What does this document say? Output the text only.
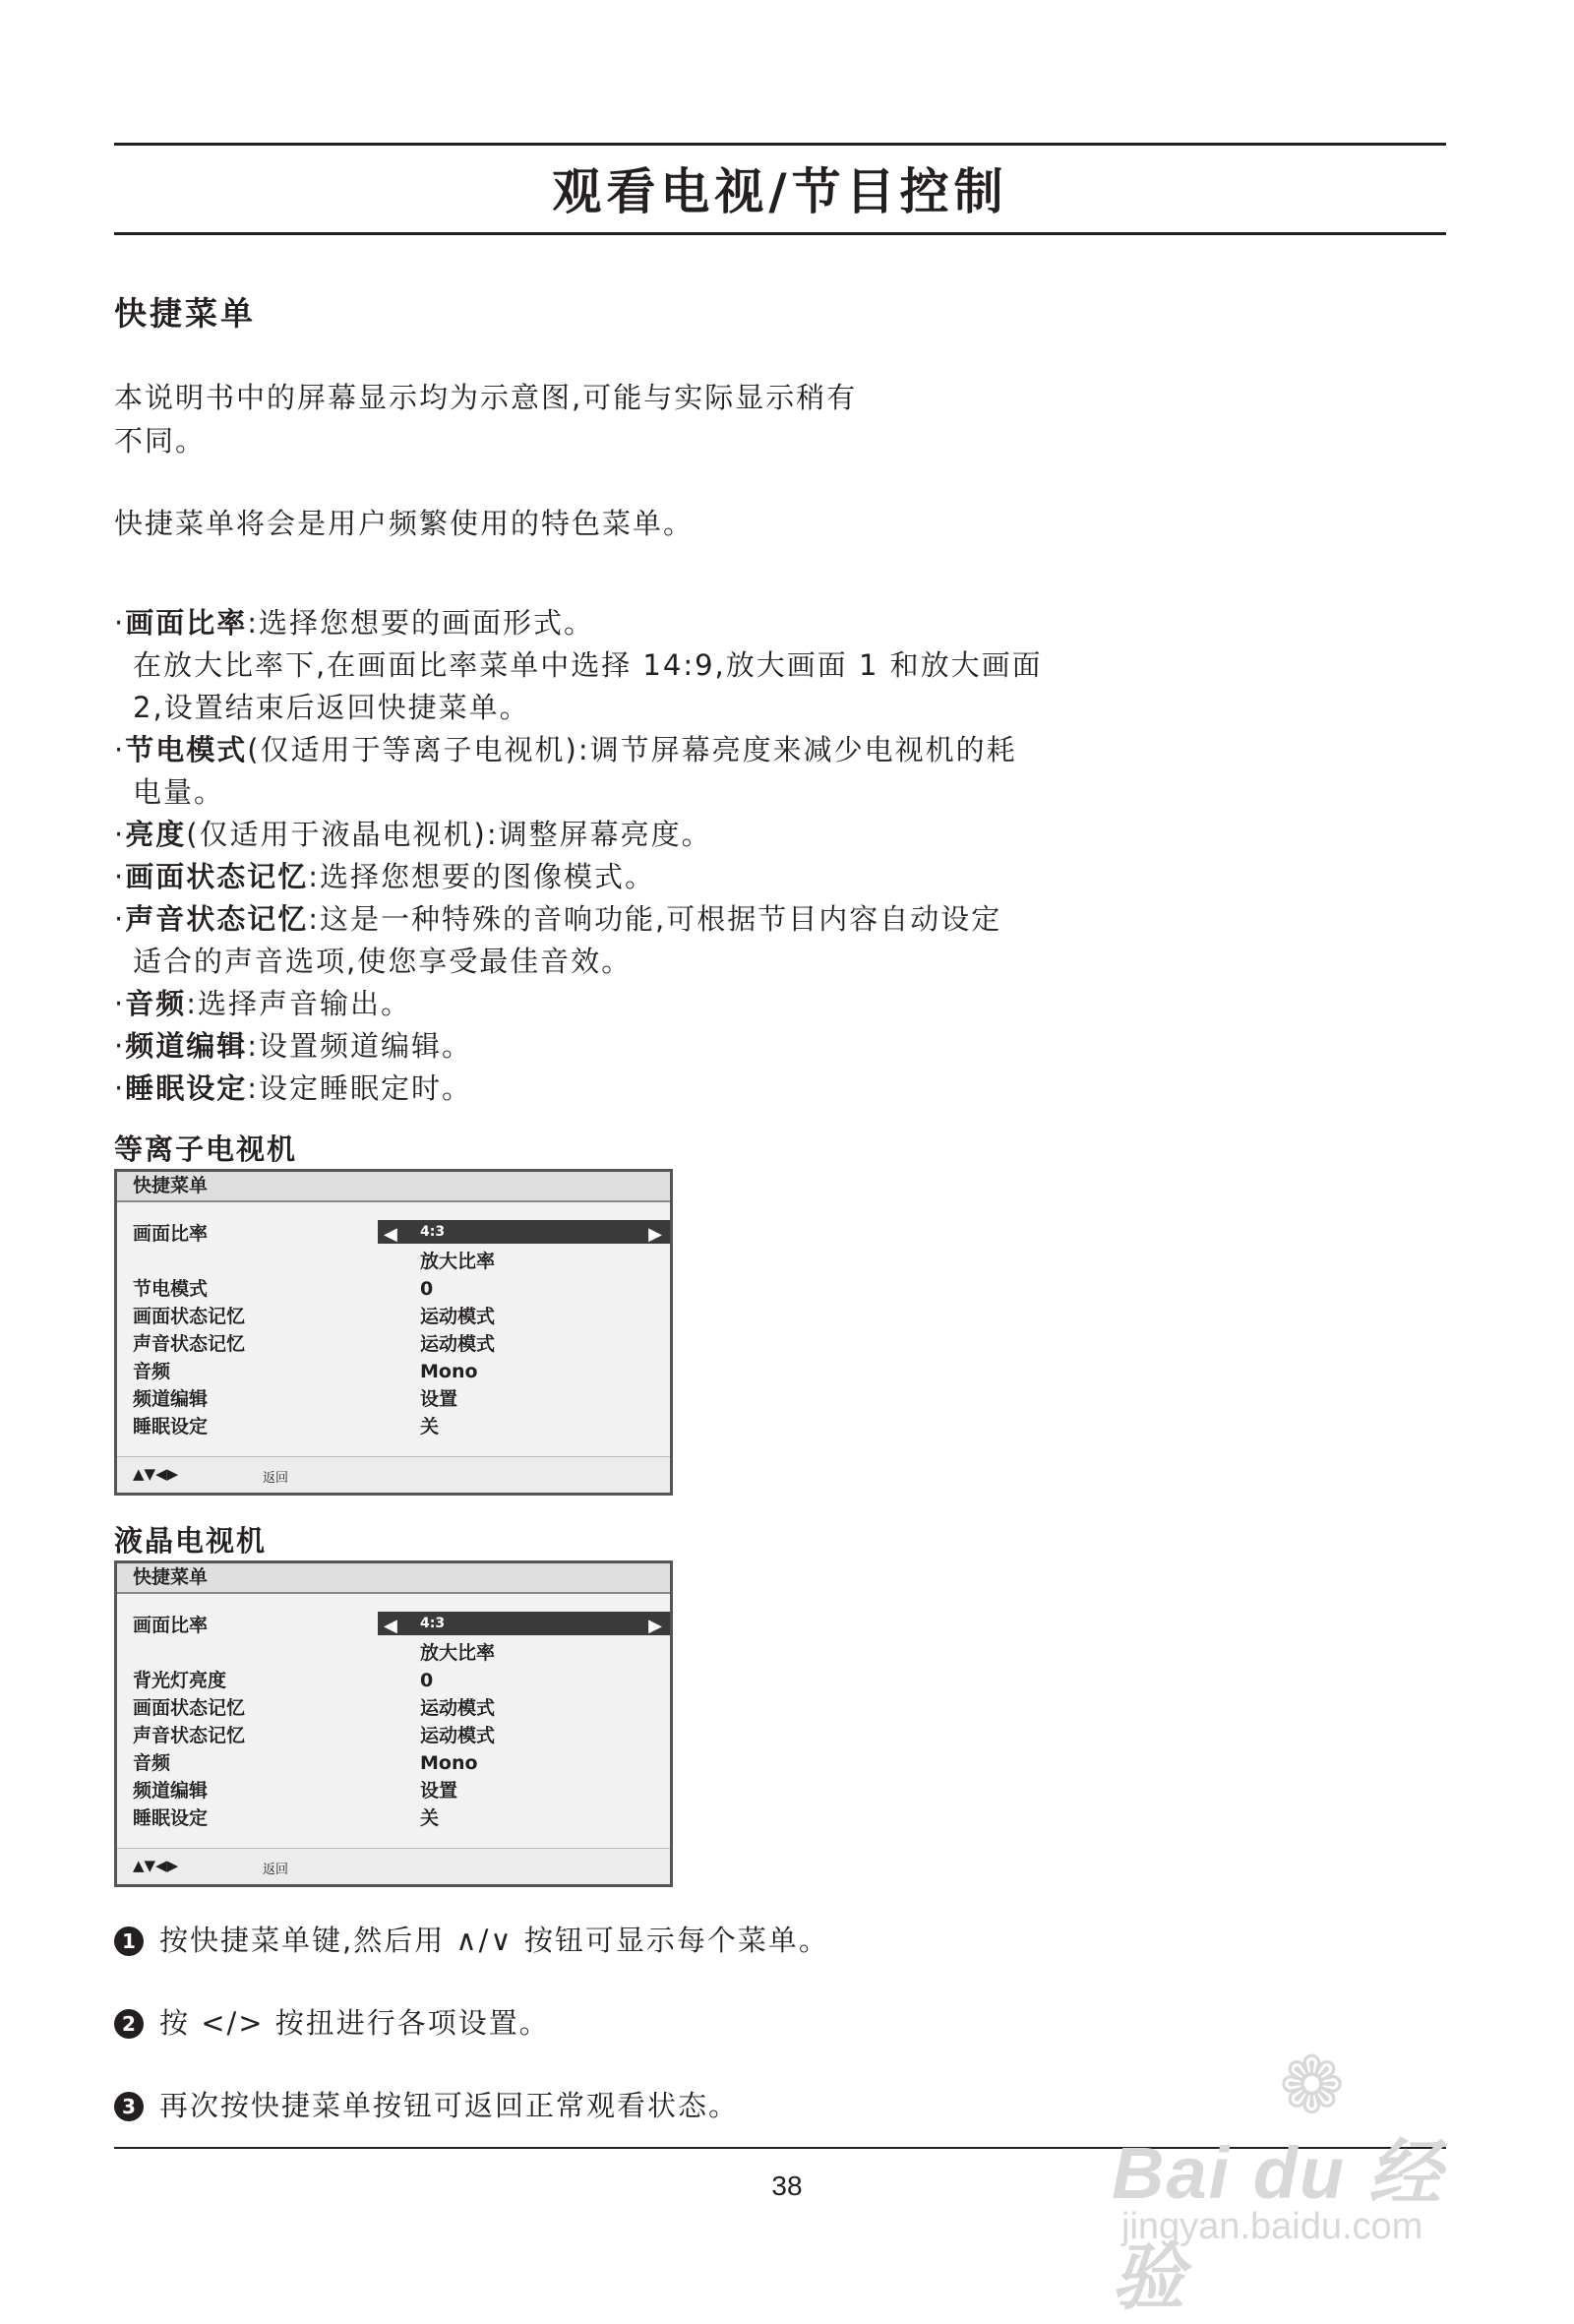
观看电视/节目控制
快捷菜单
本说明书中的屏幕显示均为示意图,可能与实际显示稍有
不同。
快捷菜单将会是用户频繁使用的特色菜单。
·画面比率:选择您想要的画面形式。
在放大比率下,在画面比率菜单中选择 14:9,放大画面 1 和放大画面
2,设置结束后返回快捷菜单。
·节电模式(仅适用于等离子电视机):调节屏幕亮度来减少电视机的耗
电量。
·亮度(仅适用于液晶电视机):调整屏幕亮度。
·画面状态记忆:选择您想要的图像模式。
·声音状态记忆:这是一种特殊的音响功能,可根据节目内容自动设定
适合的声音选项,使您享受最佳音效。
·音频:选择声音输出。
·频道编辑:设置频道编辑。
·睡眠设定:设定睡眠定时。
等离子电视机
快捷菜单
画面比率	◀ 4:3	▶
放大比率
节电模式	0
画面状态记忆	运动模式
声音状态记忆	运动模式
音频	Mono
频道编辑	设置
睡眠设定	关
▲▼◀▶	返回
液晶电视机
快捷菜单
画面比率	◀ 4:3	▶
放大比率
背光灯亮度	0
画面状态记忆	运动模式
声音状态记忆	运动模式
音频	Mono
频道编辑	设置
睡眠设定	关
▲▼◀▶	返回
1 按快捷菜单键,然后用 ∧/∨ 按钮可显示每个菜单。
2 按 </> 按扭进行各项设置。
3 再次按快捷菜单按钮可返回正常观看状态。
38
❁
Bai du 经验
jingyan.baidu.com
